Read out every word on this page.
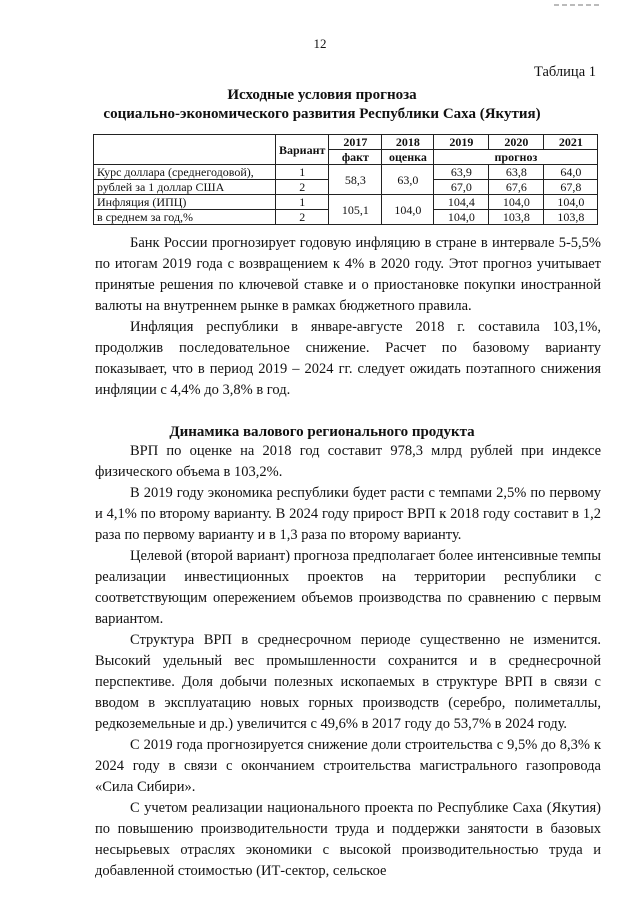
12
Таблица 1
Исходные условия прогноза
социально-экономического развития Республики Саха (Якутия)
	Вариант	2017	2018	2019	2020	2021
		факт	оценка	прогноз		
Курс доллара (среднегодовой),	1	58,3	63,0	63,9	63,8	64,0
рублей за 1 доллар США	2			67,0	67,6	67,8
Инфляция (ИПЦ)	1	105,1	104,0	104,4	104,0	104,0
в среднем за год,%	2			104,0	103,8	103,8

Банк России прогнозирует годовую инфляцию в стране в интервале 5-5,5% по итогам 2019 года с возвращением к 4% в 2020 году. Этот прогноз учитывает принятые решения по ключевой ставке и о приостановке покупки иностранной валюты на внутреннем рынке в рамках бюджетного правила.

Инфляция республики в январе-августе 2018 г. составила 103,1%, продолжив последовательное снижение. Расчет по базовому варианту показывает, что в период 2019 – 2024 гг. следует ожидать поэтапного снижения инфляции с 4,4% до 3,8% в год.

Динамика валового регионального продукта

ВРП по оценке на 2018 год составит 978,3 млрд рублей при индексе физического объема в 103,2%.

В 2019 году экономика республики будет расти с темпами 2,5% по первому и 4,1% по второму варианту. В 2024 году прирост ВРП к 2018 году составит в 1,2 раза по первому варианту и в 1,3 раза по второму варианту.

Целевой (второй вариант) прогноза предполагает более интенсивные темпы реализации инвестиционных проектов на территории республики с соответствующим опережением объемов производства по сравнению с первым вариантом.

Структура ВРП в среднесрочном периоде существенно не изменится. Высокий удельный вес промышленности сохранится и в среднесрочной перспективе. Доля добычи полезных ископаемых в структуре ВРП в связи с вводом в эксплуатацию новых горных производств (серебро, полиметаллы, редкоземельные и др.) увеличится с 49,6% в 2017 году до 53,7% в 2024 году.

С 2019 года прогнозируется снижение доли строительства с 9,5% до 8,3% к 2024 году в связи с окончанием строительства магистрального газопровода «Сила Сибири».

С учетом реализации национального проекта по Республике Саха (Якутия) по повышению производительности труда и поддержки занятости в базовых несырьевых отраслях экономики с высокой производительностью труда и добавленной стоимостью (ИТ-сектор, сельское
